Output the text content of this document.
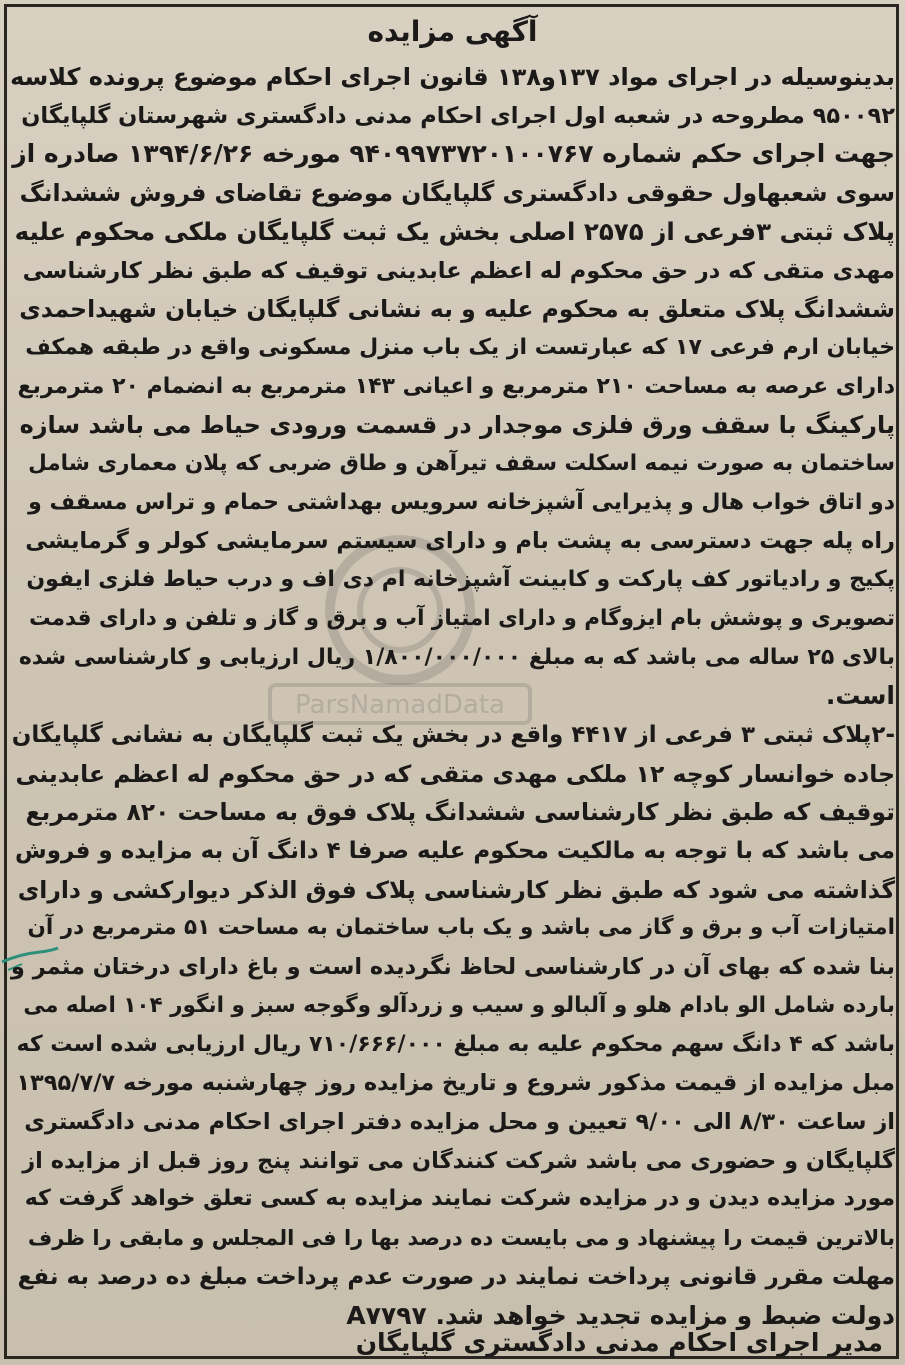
ParsNamadData
آگهی مزایده
بدینوسیله در اجرای مواد ۱۳۷و۱۳۸ قانون اجرای احکام موضوع پرونده کلاسه
۹۵۰۰۹۲ مطروحه در شعبه اول اجرای احکام مدنی دادگستری شهرستان گلپایگان
جهت اجرای حکم شماره ۹۴۰۹۹۷۳۷۲۰۱۰۰۷۶۷ مورخه ۱۳۹۴/۶/۲۶ صادره از
سوی شعبهاول حقوقی دادگستری گلپایگان موضوع تقاضای فروش ششدانگ
پلاک ثبتی ۳فرعی از ۲۵۷۵ اصلی بخش یک ثبت گلپایگان ملکی محکوم علیه
مهدی متقی که در حق محکوم له اعظم عابدینی توقیف که طبق نظر کارشناسی
ششدانگ پلاک متعلق به محکوم علیه و به نشانی گلپایگان خیابان شهیداحمدی
خیابان ارم فرعی ۱۷ که عبارتست از یک باب منزل مسکونی واقع در طبقه همکف
دارای عرصه به مساحت ۲۱۰ مترمربع و اعیانی ۱۴۳ مترمربع به انضمام ۲۰ مترمربع
پارکینگ با سقف ورق فلزی موجدار در قسمت ورودی حیاط می باشد سازه
ساختمان به صورت نیمه اسکلت سقف تیرآهن و طاق ضربی که پلان معماری شامل
دو اتاق خواب هال و پذیرایی آشپزخانه سرویس بهداشتی حمام و تراس مسقف و
راه پله جهت دسترسی به پشت بام و دارای سیستم سرمایشی کولر و گرمایشی
پکیج و رادیاتور کف پارکت و کابینت آشپزخانه ام دی اف و درب حیاط فلزی ایفون
تصویری و پوشش بام ایزوگام و دارای امتیاز آب و برق و گاز و تلفن و دارای قدمت
بالای ۲۵ ساله می باشد که به مبلغ ۱/۸۰۰/۰۰۰/۰۰۰ ریال ارزیابی و کارشناسی شده
است.
-۲پلاک ثبتی ۳ فرعی از ۴۴۱۷ واقع در بخش یک ثبت گلپایگان به نشانی گلپایگان
جاده خوانسار کوچه ۱۲ ملکی مهدی متقی که در حق محکوم له اعظم عابدینی
توقیف که طبق نظر کارشناسی ششدانگ پلاک فوق به مساحت ۸۲۰ مترمربع
می باشد که با توجه به مالکیت محکوم علیه صرفا ۴ دانگ آن به مزایده و فروش
گذاشته می شود که طبق نظر کارشناسی پلاک فوق الذکر دیوارکشی و دارای
امتیازات آب و برق و گاز می باشد و یک باب ساختمان به مساحت ۵۱ مترمربع در آن
بنا شده که بهای آن در کارشناسی لحاظ نگردیده است و باغ دارای درختان مثمر و
بارده شامل الو بادام هلو و آلبالو و سیب و زردآلو وگوجه سبز و انگور ۱۰۴ اصله می
باشد که ۴ دانگ سهم محکوم علیه به مبلغ ۷۱۰/۶۶۶/۰۰۰ ریال ارزیابی شده است که
مبل مزایده از قیمت مذکور شروع و تاریخ مزایده روز چهارشنبه مورخه ۱۳۹۵/۷/۷
از ساعت ۸/۳۰ الی ۹/۰۰ تعیین و محل مزایده دفتر اجرای احکام مدنی دادگستری
گلپایگان و حضوری می باشد شرکت کنندگان می توانند پنج روز قبل از مزایده از
مورد مزایده دیدن و در مزایده شرکت نمایند مزایده به کسی تعلق خواهد گرفت که
بالاترین قیمت را پیشنهاد و می بایست ده درصد بها را فی المجلس و مابقی را ظرف
مهلت مقرر قانونی پرداخت نمایند در صورت عدم پرداخت مبلغ ده درصد به نفع
دولت ضبط و مزایده تجدید خواهد شد. A۷۷۹۷
مدیر اجرای احکام مدنی دادگستری گلپایگان
